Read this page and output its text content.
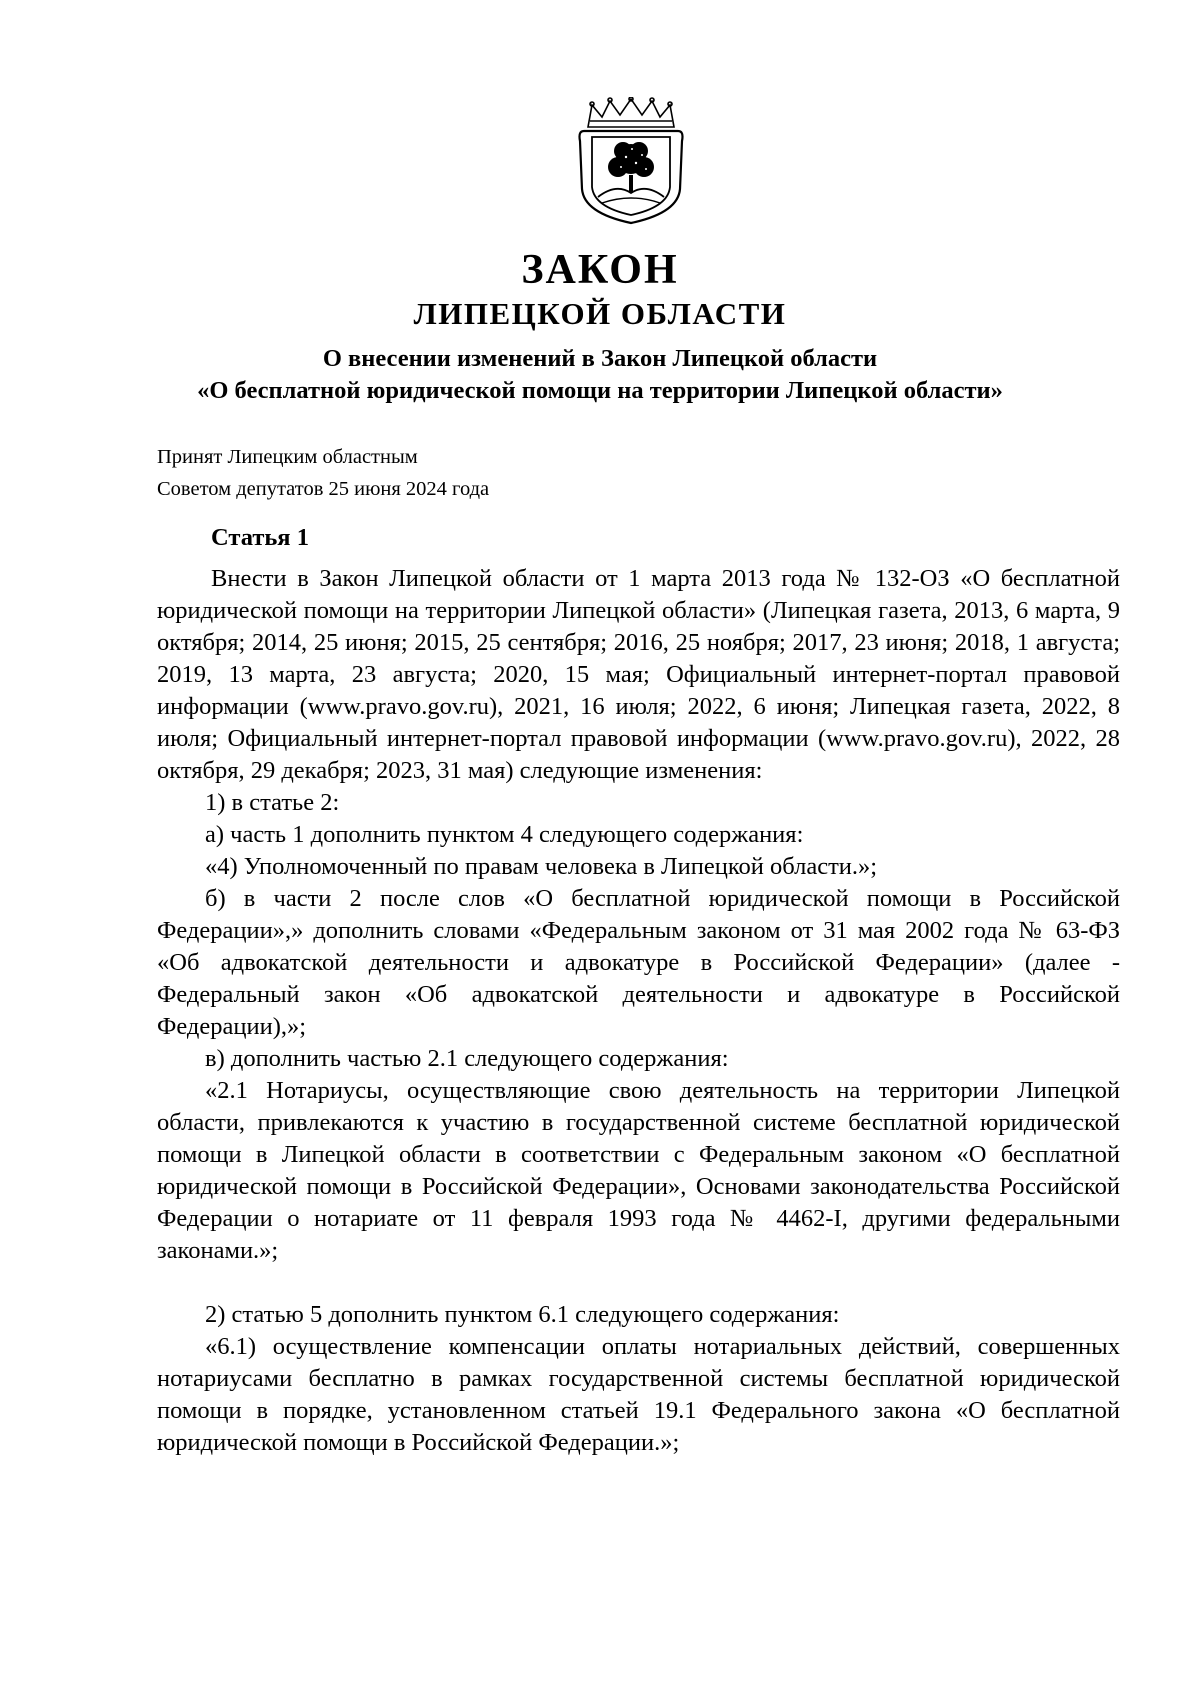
ЗАКОН
ЛИПЕЦКОЙ ОБЛАСТИ
О внесении изменений в Закон Липецкой области
«О бесплатной юридической помощи на территории Липецкой области»
Принят Липецким областным
Советом депутатов 25 июня 2024 года

Статья 1

Внести в Закон Липецкой области от 1 марта 2013 года № 132-ОЗ «О бесплатной юридической помощи на территории Липецкой области» (Липецкая газета, 2013, 6 марта, 9 октября; 2014, 25 июня; 2015, 25 сентября; 2016, 25 ноября; 2017, 23 июня; 2018, 1 августа; 2019, 13 марта, 23 августа; 2020, 15 мая; Официальный интернет-портал правовой информации (www.pravo.gov.ru), 2021, 16 июля; 2022, 6 июня; Липецкая газета, 2022, 8 июля; Официальный интернет-портал правовой информации (www.pravo.gov.ru), 2022, 28 октября, 29 декабря; 2023, 31 мая) следующие изменения:

1) в статье 2:

а) часть 1 дополнить пунктом 4 следующего содержания:

«4) Уполномоченный по правам человека в Липецкой области.»;

б) в части 2 после слов «О бесплатной юридической помощи в Российской Федерации»,» дополнить словами «Федеральным законом от 31 мая 2002 года № 63-ФЗ «Об адвокатской деятельности и адвокатуре в Российской Федерации» (далее - Федеральный закон «Об адвокатской деятельности и адвокатуре в Российской Федерации),»;

в) дополнить частью 2.1 следующего содержания:

«2.1 Нотариусы, осуществляющие свою деятельность на территории Липецкой области, привлекаются к участию в государственной системе бесплатной юридической помощи в Липецкой области в соответствии с Федеральным законом «О бесплатной юридической помощи в Российской Федерации», Основами законодательства Российской Федерации о нотариате от 11 февраля 1993 года № 4462-I, другими федеральными законами.»;

2) статью 5 дополнить пунктом 6.1 следующего содержания:

«6.1) осуществление компенсации оплаты нотариальных действий, совершенных нотариусами бесплатно в рамках государственной системы бесплатной юридической помощи в порядке, установленном статьей 19.1 Федерального закона «О бесплатной юридической помощи в Российской Федерации.»;
